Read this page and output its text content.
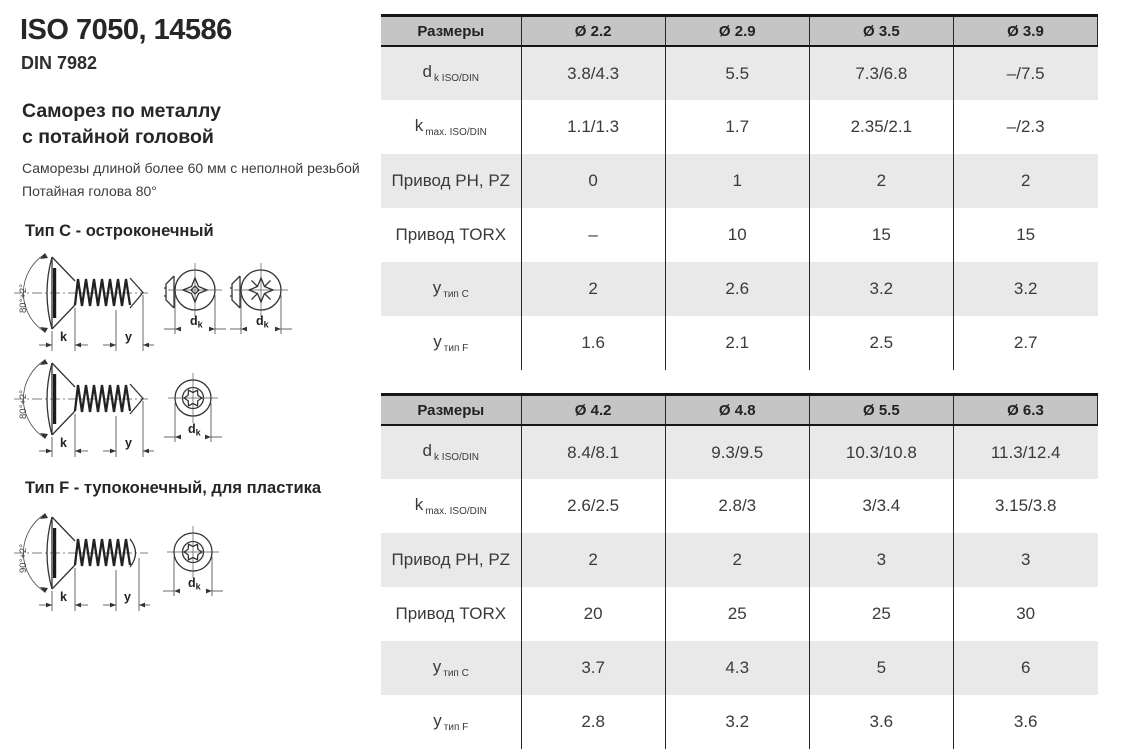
ISO 7050, 14586
DIN 7982
Саморез по металлу
с потайной головой
Саморезы длиной более 60 мм с неполной резьбой
Потайная голова 80°
Тип C - остроконечный
80°+2°
k	y
$d_k$	$d_k$
80°+2°
k	y
$d_k$
Тип F - тупоконечный, для пластика
90°+2°
k	y
$d_k$
Размеры	Ø 2.2	Ø 2.9	Ø 3.5	Ø 3.9
d $_{k ISO/DIN}$	3.8/4.3	5.5	7.3/6.8	–/7.5
k $_{max. ISO/DIN}$	1.1/1.3	1.7	2.35/2.1	–/2.3
Привод PH, PZ	0	1	2	2
Привод TORX	–	10	15	15
y $_{тип C}$	2	2.6	3.2	3.2
y $_{тип F}$	1.6	2.1	2.5	2.7
Размеры	Ø 4.2	Ø 4.8	Ø 5.5	Ø 6.3
d $_{k ISO/DIN}$	8.4/8.1	9.3/9.5	10.3/10.8	11.3/12.4
k $_{max. ISO/DIN}$	2.6/2.5	2.8/3	3/3.4	3.15/3.8
Привод PH, PZ	2	2	3	3
Привод TORX	20	25	25	30
y $_{тип C}$	3.7	4.3	5	6
y $_{тип F}$	2.8	3.2	3.6	3.6
